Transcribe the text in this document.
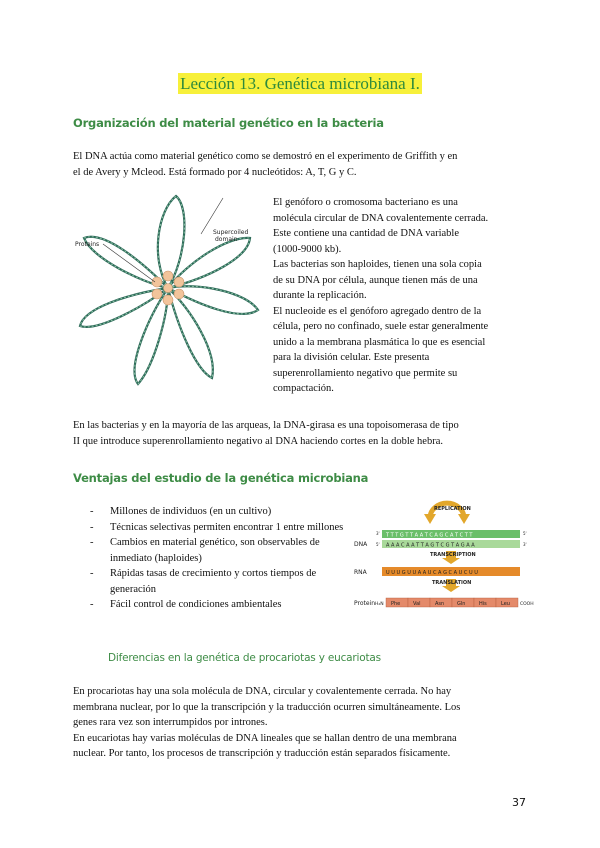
Lección 13. Genética microbiana I.
Organización del material genético en la bacteria
El DNA actúa como material genético como se demostró en el experimento de Griffith y en
el de Avery y Mcleod. Está formado por 4 nucleótidos: A, T, G y C.
Proteins
Supercoiled
domain
El genóforo o cromosoma bacteriano es una
molécula circular de DNA covalentemente cerrada.
Este contiene una cantidad de DNA variable
(1000-9000 kb).
Las bacterias son haploides, tienen una sola copia
de su DNA por célula, aunque tienen más de una
durante la replicación.
El nucleoide es el genóforo agregado dentro de la
célula, pero no confinado, suele estar generalmente
unido a la membrana plasmática lo que es esencial
para la división celular. Este presenta
superenrollamiento negativo que permite su
compactación.
En las bacterias y en la mayoría de las arqueas, la DNA-girasa es una topoisomerasa de tipo
II que introduce superenrollamiento negativo al DNA haciendo cortes en la doble hebra.
Ventajas del estudio de la genética microbiana
- Millones de individuos (en un cultivo)
- Técnicas selectivas permiten encontrar 1 entre millones
- Cambios en material genético, son observables de inmediato (haploides)
- Rápidas tasas de crecimiento y cortos tiempos de generación
- Fácil control de condiciones ambientales
REPLICATION
DNA
3' T T T G T T A A T C A G C A T C T T	5'
A A A C A A T T A G T C G T A G A A
5'	3'
TRANSCRIPTION
RNA	U U U G U U A A U C A G C A U C U U
TRANSLATION
Protein H₂N Phe	Val	Asn	Gln	His	Leu COOH
Diferencias en la genética de procariotas y eucariotas
En procariotas hay una sola molécula de DNA, circular y covalentemente cerrada. No hay
membrana nuclear, por lo que la transcripción y la traducción ocurren simultáneamente. Los
genes rara vez son interrumpidos por intrones.
En eucariotas hay varias moléculas de DNA lineales que se hallan dentro de una membrana
nuclear. Por tanto, los procesos de transcripción y traducción están separados físicamente.
37
